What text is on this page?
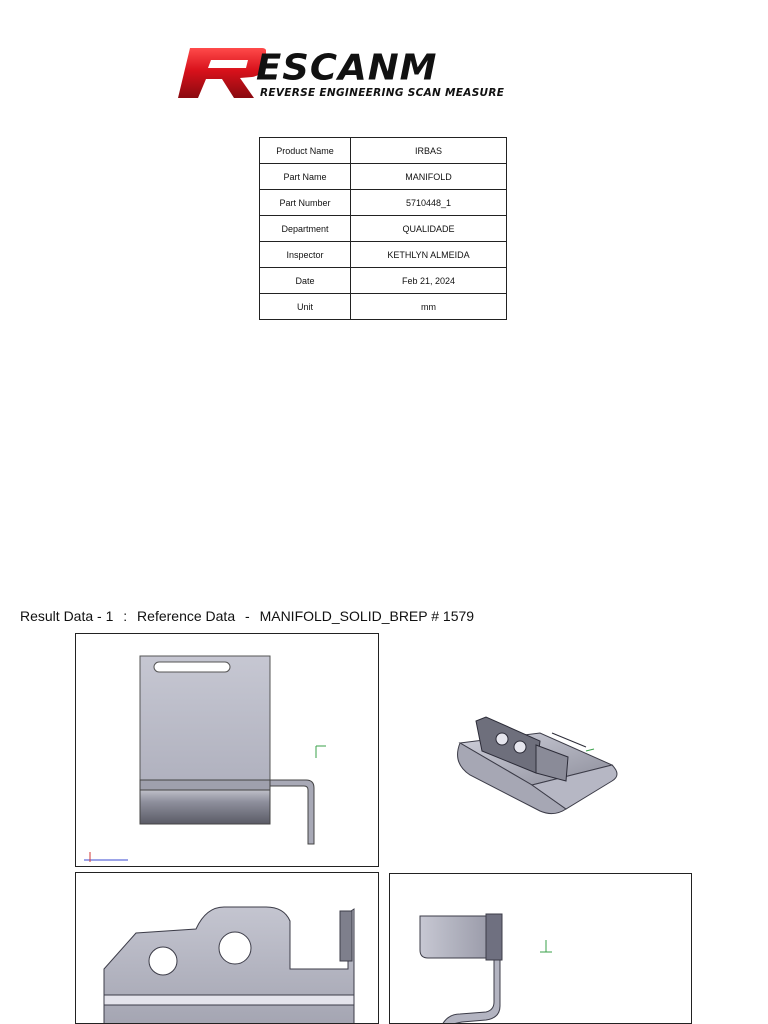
ESCANM
REVERSE ENGINEERING SCAN MEASURE
Product Name	IRBAS
Part Name	MANIFOLD
Part Number	5710448_1
Department	QUALIDADE
Inspector	KETHLYN ALMEIDA
Date	Feb 21, 2024
Unit	mm
Result Data - 1 : Reference Data - MANIFOLD_SOLID_BREP # 1579
